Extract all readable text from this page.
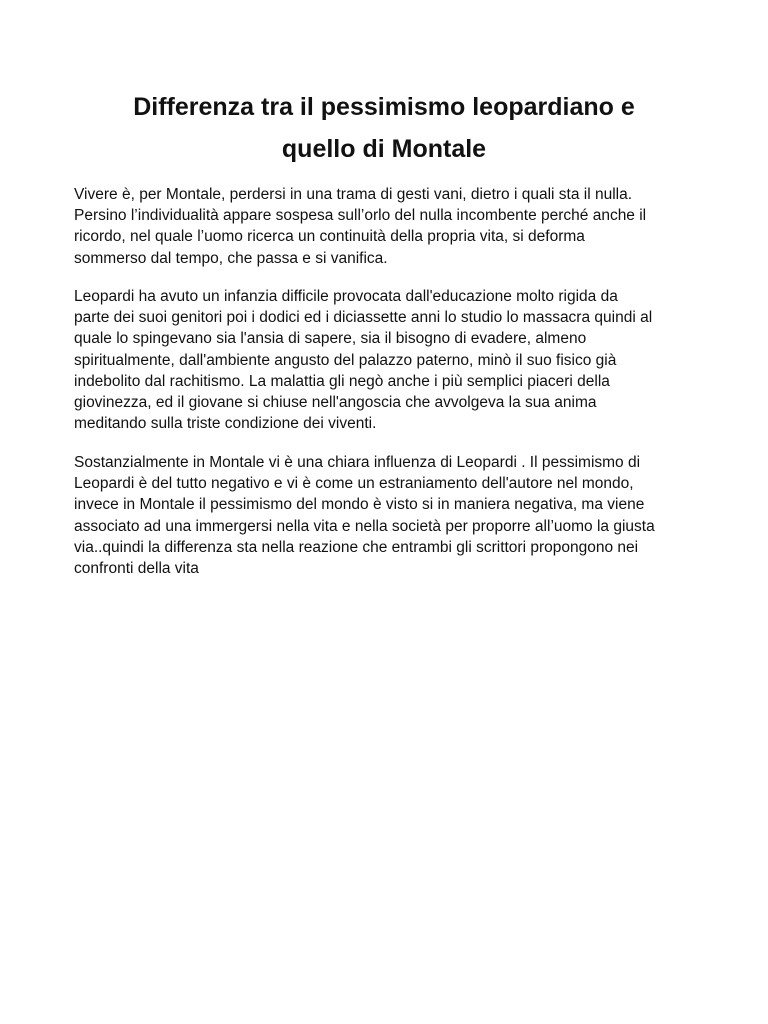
Differenza tra il pessimismo leopardiano e
quello di Montale

Vivere è, per Montale, perdersi in una trama di gesti vani, dietro i quali sta il nulla.
Persino l’individualità appare sospesa sull’orlo del nulla incombente perché anche il
ricordo, nel quale l’uomo ricerca un continuità della propria vita, si deforma
sommerso dal tempo, che passa e si vanifica.

Leopardi ha avuto un infanzia difficile provocata dall'educazione molto rigida da
parte dei suoi genitori poi i dodici ed i diciassette anni lo studio lo massacra quindi al
quale lo spingevano sia l'ansia di sapere, sia il bisogno di evadere, almeno
spiritualmente, dall'ambiente angusto del palazzo paterno, minò il suo fisico già
indebolito dal rachitismo. La malattia gli negò anche i più semplici piaceri della
giovinezza, ed il giovane si chiuse nell'angoscia che avvolgeva la sua anima
meditando sulla triste condizione dei viventi.

Sostanzialmente in Montale vi è una chiara influenza di Leopardi . Il pessimismo di
Leopardi è del tutto negativo e vi è come un estraniamento dell'autore nel mondo,
invece in Montale il pessimismo del mondo è visto si in maniera negativa, ma viene
associato ad una immergersi nella vita e nella società per proporre all’uomo la giusta
via..quindi la differenza sta nella reazione che entrambi gli scrittori propongono nei
confronti della vita
